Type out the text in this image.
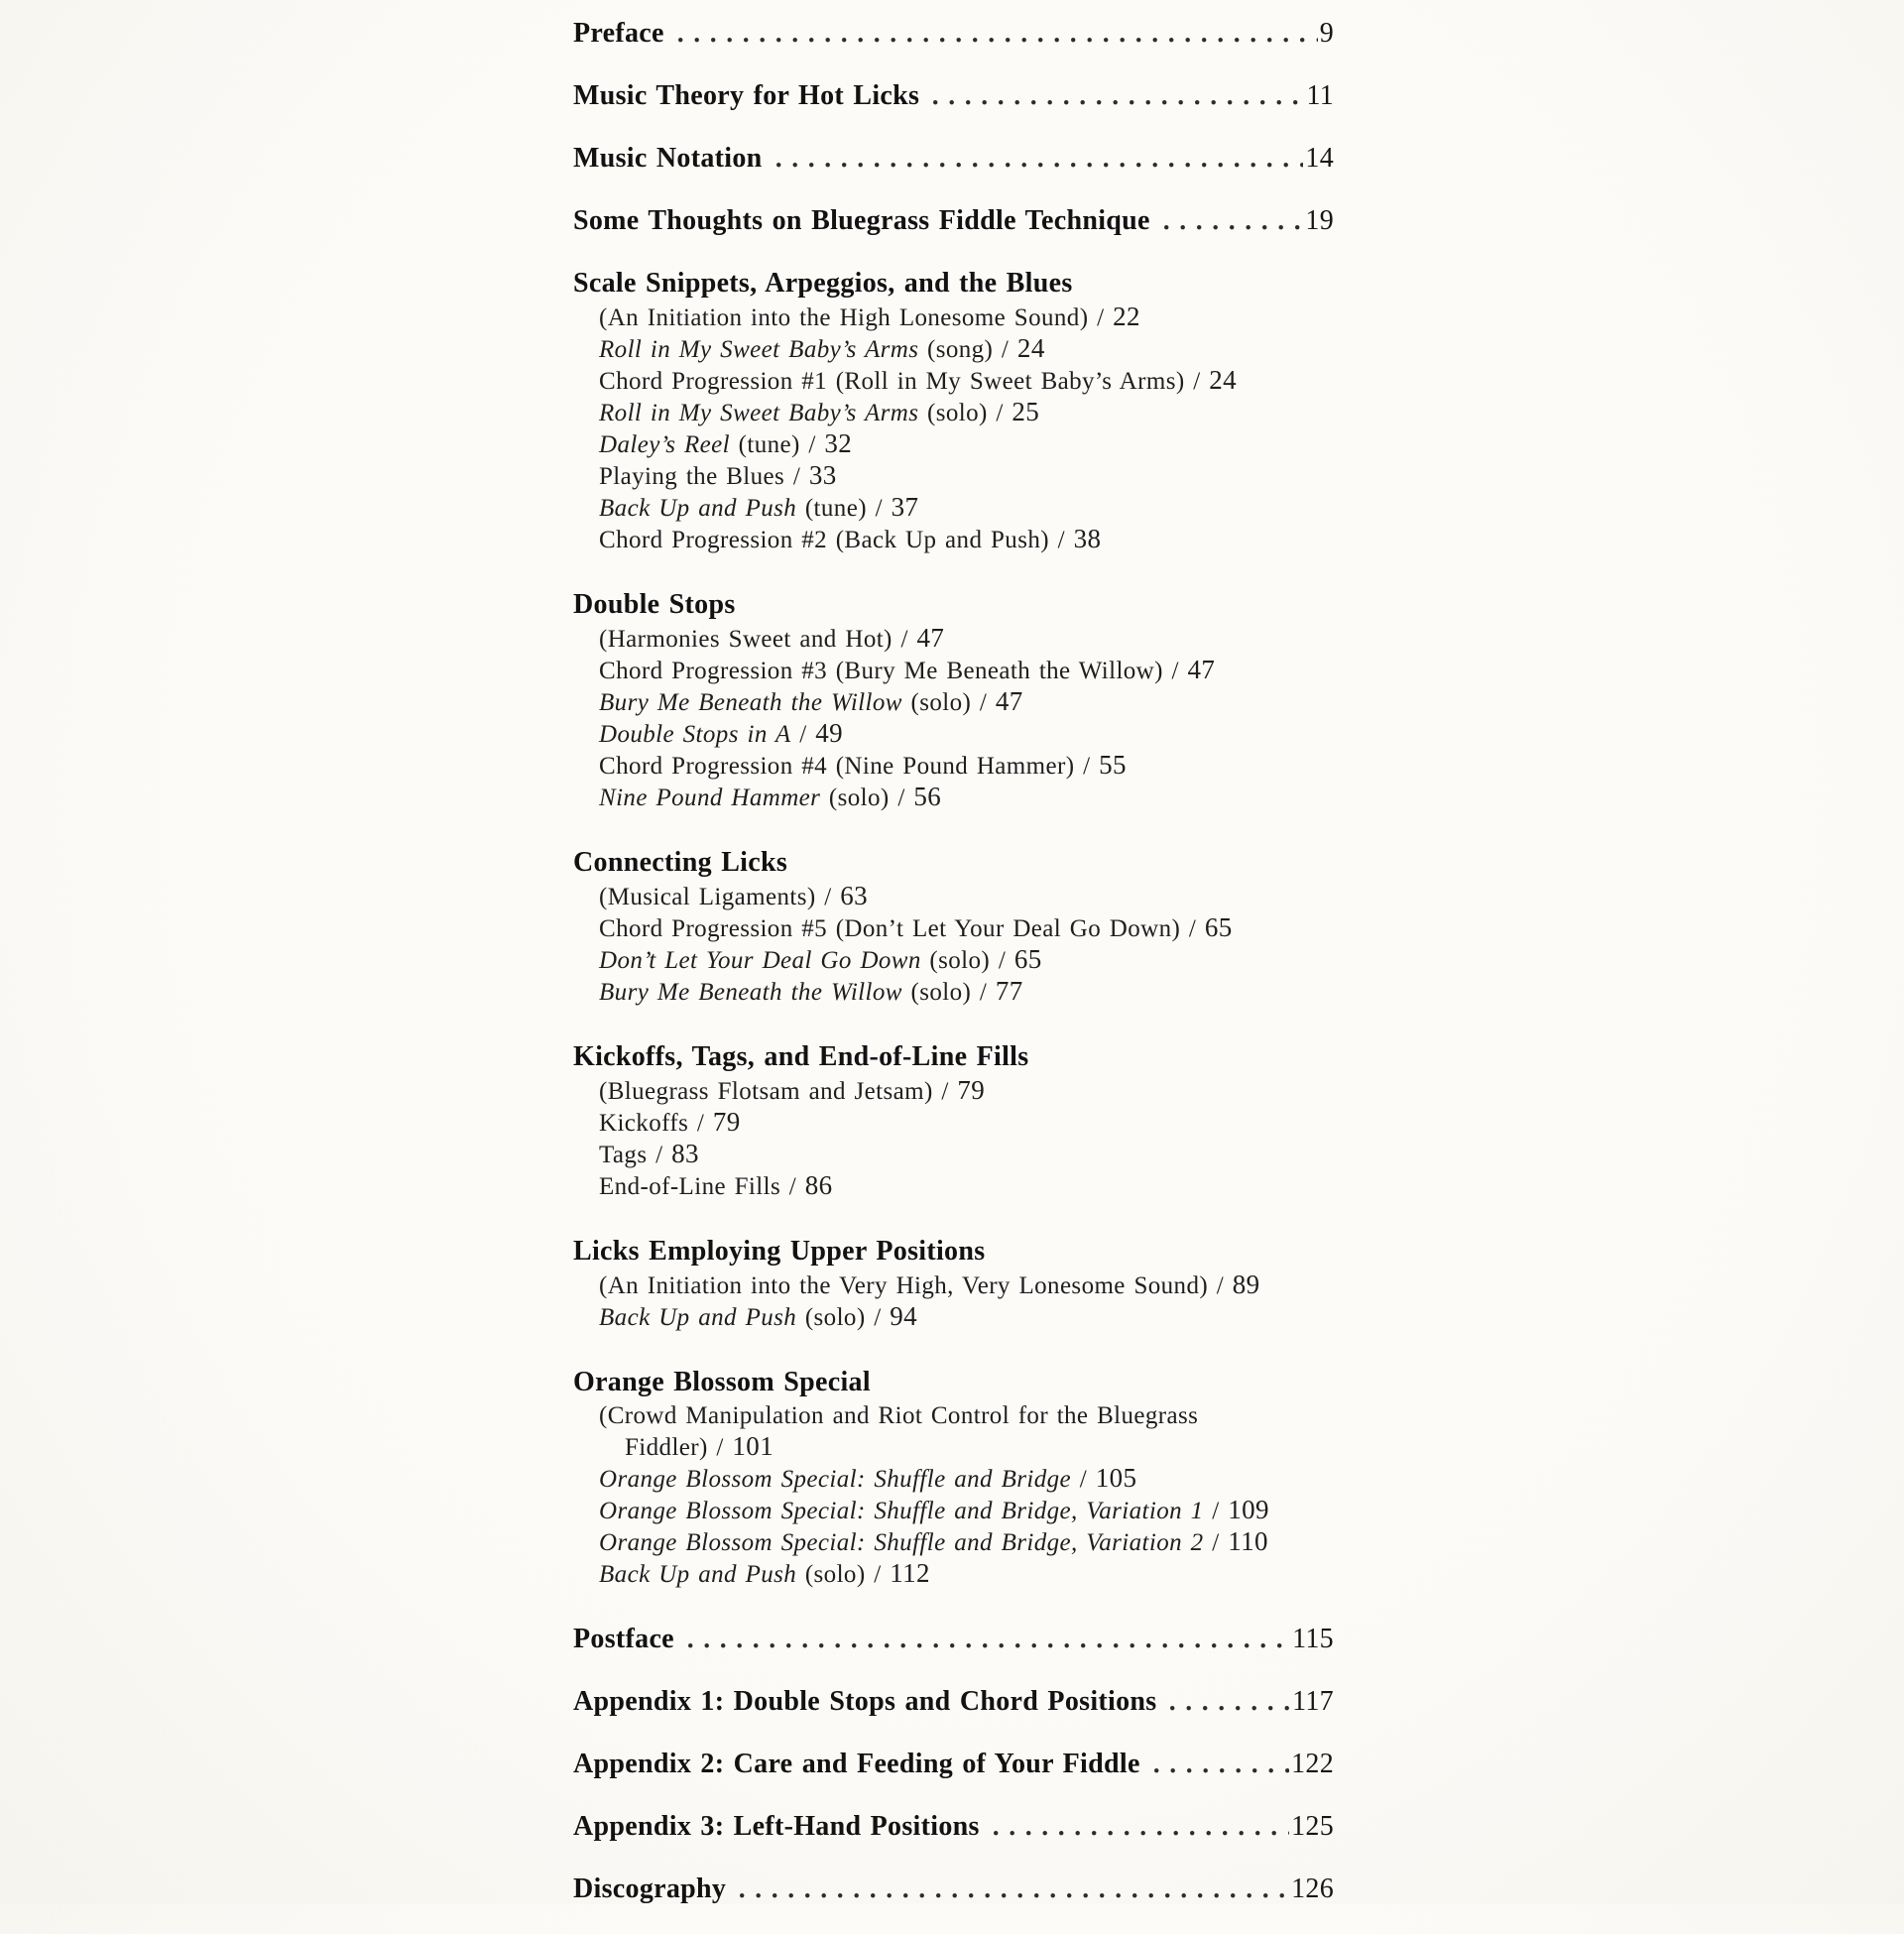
Preface	9
Music Theory for Hot Licks	11
Music Notation	14
Some Thoughts on Bluegrass Fiddle Technique	19
Scale Snippets, Arpeggios, and the Blues
(An Initiation into the High Lonesome Sound) / 22
Roll in My Sweet Baby’s Arms (song) / 24
Chord Progression #1 (Roll in My Sweet Baby’s Arms) / 24
Roll in My Sweet Baby’s Arms (solo) / 25
Daley’s Reel (tune) / 32
Playing the Blues / 33
Back Up and Push (tune) / 37
Chord Progression #2 (Back Up and Push) / 38
Double Stops
(Harmonies Sweet and Hot) / 47
Chord Progression #3 (Bury Me Beneath the Willow) / 47
Bury Me Beneath the Willow (solo) / 47
Double Stops in A / 49
Chord Progression #4 (Nine Pound Hammer) / 55
Nine Pound Hammer (solo) / 56
Connecting Licks
(Musical Ligaments) / 63
Chord Progression #5 (Don’t Let Your Deal Go Down) / 65
Don’t Let Your Deal Go Down (solo) / 65
Bury Me Beneath the Willow (solo) / 77
Kickoffs, Tags, and End-of-Line Fills
(Bluegrass Flotsam and Jetsam) / 79
Kickoffs / 79
Tags / 83
End-of-Line Fills / 86
Licks Employing Upper Positions
(An Initiation into the Very High, Very Lonesome Sound) / 89
Back Up and Push (solo) / 94
Orange Blossom Special
(Crowd Manipulation and Riot Control for the Bluegrass
Fiddler) / 101
Orange Blossom Special: Shuffle and Bridge / 105
Orange Blossom Special: Shuffle and Bridge, Variation 1 / 109
Orange Blossom Special: Shuffle and Bridge, Variation 2 / 110
Back Up and Push (solo) / 112
Postface	115
Appendix 1: Double Stops and Chord Positions	117
Appendix 2: Care and Feeding of Your Fiddle	122
Appendix 3: Left-Hand Positions	125
Discography	126
